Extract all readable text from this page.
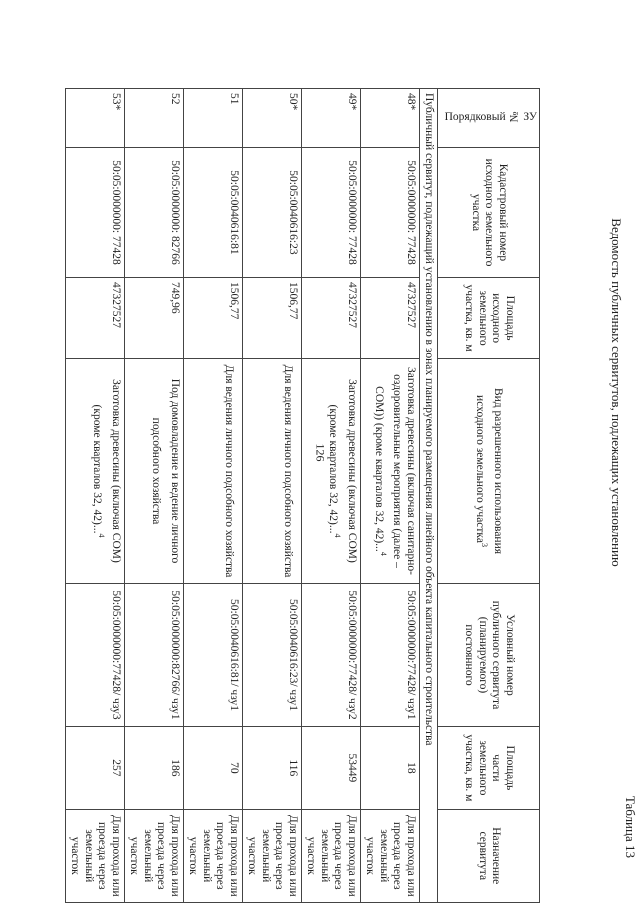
126
Таблица 13
Ведомость публичных сервитутов, подлежащих установлению
Порядковый № ЗУ	Кадастровый номер исходного земельного участка	Площадь исходного земельного участка, кв. м	Вид разрешенного использования исходного земельного участка$^3$	Условный номер публичного сервитута (планируемого) постоянного	Площадь части земельного участка, кв. м	Назначение сервитута
Публичный сервитут, подлежащий установлению в зонах планируемого размещения линейного объекта капитального строительства						
48*	50:05:0000000: 77428	47327527	Заготовка древесины (включая санитарно-оздоровительные мероприятия (далее – СОМ)) (кроме кварталов 32, 42)...$^4$	50:05:0000000:77428/ чзу1	18	Для прохода или проезда через земельный участок
49*	50:05:0000000: 77428	47327527	Заготовка древесины (включая СОМ) (кроме кварталов 32, 42)...$^4$	50:05:0000000:77428/ чзу2	53449	Для прохода или проезда через земельный участок
50*	50:05:0040616:23	1506,77	Для ведения личного подсобного хозяйства	50:05:0040616:23/ чзу1	116	Для прохода или проезда через земельный участок
51	50:05:0040616:81	1506,77	Для ведения личного подсобного хозяйства	50:05:0040616:81/ чзу1	70	Для прохода или проезда через земельный участок
52	50:05:0000000: 82766	749,96	Под домовладение и ведение личного подсобного хозяйства	50:05:0000000:82766/ чзу1	186	Для прохода или проезда через земельный участок
53*	50:05:0000000: 77428	47327527	Заготовка древесины (включая СОМ) (кроме кварталов 32, 42)...$^4$	50:05:0000000:77428/ чзу3	257	Для прохода или проезда через земельный участок
